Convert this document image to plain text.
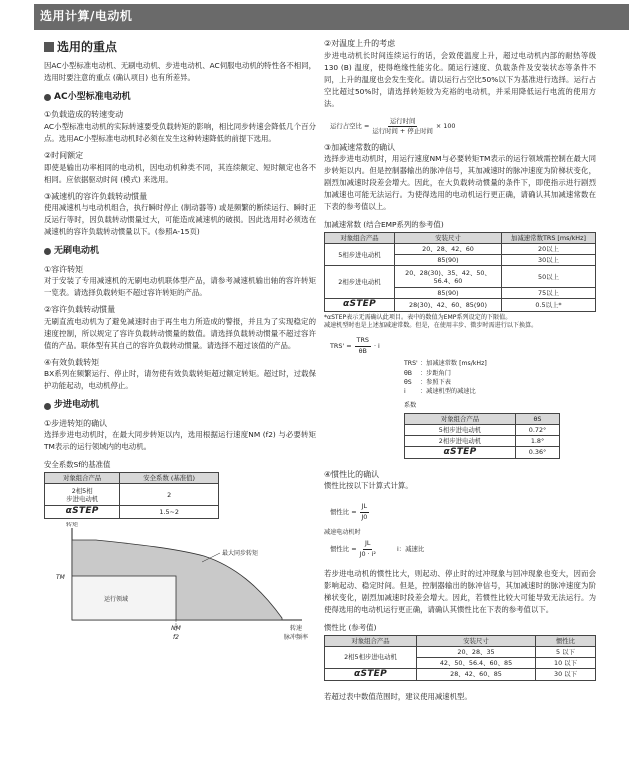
选用计算/电动机
选用的重点

因AC小型标准电动机、无刷电动机、步进电动机、AC伺服电动机的特性各不相同，选用时要注意的重点 (确认项目) 也有所差异。

AC小型标准电动机
①负载造成的转速变动

AC小型标准电动机的实际转速要受负载转矩的影响，相比同步转速会降低几个百分点。选用AC小型标准电动机时必须在发生这种转速降低的前提下选用。

②时间额定

即使是输出功率相同的电动机，因电动机种类不同，其连续额定、短时额定也各不相同。应依据驱动时间 (模式) 来选用。

③减速机的容许负载转动惯量

使用减速机与电动机组合，执行瞬时停止 (制动器等) 或是频繁的断续运行、瞬时正反运行等时，因负载转动惯量过大，可能造成减速机的破损。因此选用时必须选在减速机的容许负载转动惯量以下。(参照A-15页)

无刷电动机
①容许转矩

对于安装了专用减速机的无刷电动机联体型产品，请参考减速机输出轴的容许转矩一览表。请选择负载转矩不超过容许转矩的产品。

②容许负载转动惯量

无刷直流电动机为了避免减速时由于再生电力所造成的警报，并且为了实现稳定的速度控制，所以规定了容许负载转动惯量的数值。请选择负载转动惯量不超过容许值的产品。联体型有其自己的容许负载转动惯量。请选择不超过该值的产品。

④有效负载转矩

BX系列在频繁运行、停止时，请勿使有效负载转矩超过额定转矩。超过时，过载保护功能起动，电动机停止。

步进电动机
①步进转矩的确认

选择步进电动机时，在最大同步转矩以内，选用根据运行速度NM (f2) 与必要转矩TM表示的运行领域内的电动机。

安全系数Sf的基准值
对象组合产品	安全系数 (基准值)
2相5相
步进电动机	2
αSTEP	1.5~2
转矩
TM
最大同步转矩
运行领域
NM	转速
f2	脉冲频率
②对温度上升的考虑

步进电动机长时间连续运行的话，会致使温度上升，超过电动机内部的耐热等级130 (B) 温度，使得绝缘性能劣化。随运行速度、负载条件及安装状态等条件不同，上升的温度也会发生变化。请以运行占空比50%以下为基准进行选择。运行占空比超过50%时，请选择转矩较为充裕的电动机，并采用降低运行电流的使用方法。

运行占空比 = $\frac{\text{运行时间}}{\text{运行时间 + 停止时间}} \times 100$
③加减速常数的确认

选择步进电动机时，用运行速度NM与必要转矩TM表示的运行领域需控制在最大同步转矩以内。但是控制器输出的脉冲信号，其加减速时的脉冲速度为阶梯状变化，剧烈加减速时段差会增大。因此，在大负载转动惯量的条件下，即使指示进行剧烈加减速也可能无法运行。为使得选用的电动机运行更正确，请确认其加减速常数在下表的参考值以上。

加减速常数 (结合EMP系列的参考值)
对象组合产品	安装尺寸	加减速常数TRS [ms/kHz]
5相步进电动机	20、28、42、60	20以上
	85(90)	30以上
2相步进电动机	20、28(30)、35、42、50、56.4、60	50以上
	85(90)	75以上
αSTEP	28(30)、42、60、85(90)	0.5以上*
*αSTEP表示无需确认此项目。表中的数值为EMP系列设定的下限值。
减速机型时也是上述加减速常数。但是，在使用丰步、微步时需进行以下换算。
$TRS' = \frac{\text{TRS}}{\theta B} \cdot i$
TRS' ：加减速常数 [ms/kHz]
θB	：步距角门
θS	：参照下表
i	：减速机型的减速比
系数
对象组合产品	θS
5相步进电动机	0.72°
2相步进电动机	1.8°
αSTEP	0.36°
④惯性比的确认

惯性比按以下计算式计算。

惯性比 = $\frac{JL}{J0}$
减速电动机时
惯性比 = $\frac{JL}{\text{J0 · i²}}$	i：减速比

若步进电动机的惯性比大，则起动、停止时的过冲现象与回冲现象也变大，因而会影响起动、稳定时间。但是，控制器输出的脉冲信号，其加减速时的脉冲速度为阶梯状变化，剧烈加减速时段差会增大。因此，若惯性比较大可能导致无法运行。为使得选用的电动机运行更正确，请确认其惯性比在下表的参考值以下。

惯性比 (参考值)
对象组合产品	安装尺寸	惯性比
2相5相步进电动机	20、28、35	5 以下
	42、50、56.4、60、85	10 以下
αSTEP	28、42、60、85	30 以下

若超过表中数值范围时，建议使用减速机型。
